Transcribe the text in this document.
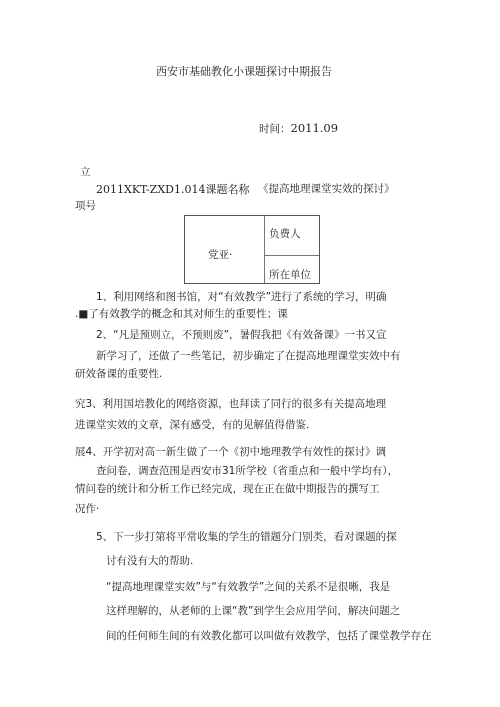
西安市基础教化小课题探讨中期报告
时间：2011.09
立
2011XKT-ZXD1.014课题名称 《提高地理课堂实效的探讨》
项号
负费人
党亚·
所在单位
1、利用网络和图书馆，对“有效教学”进行了系统的学习，明确
.■了有效教学的概念和其对师生的重要性；课
2、“凡是预则立，不预则废”，暑假我把《有效备课》一书又宣
新学习了，还做了一些笔记，初步确定了在提高地理课堂实效中有
研效备课的重要性.
究3、利用国培教化的网络资源，也拜读了同行的很多有关提高地理
进课堂实效的文章，深有感受，有的见解值得借鉴.
展4、开学初对高一新生做了一个《初中地理教学有效性的探讨》调
查问卷，调查范围是西安市31所学校（省重点和一般中学均有），
情问卷的统计和分析工作已经完成，现在正在做中期报告的撰写工
况作·
5、下一步打第将平常收集的学生的错题分门别类，看对课题的探
讨有没有大的帮助.
“提高地理课堂实效”与“有效教学”之间的关系不是很晰，我是
这样理解的，从老师的上课“教”到学生会应用学问，解决问题之
间的任何师生间的有效教化都可以叫做有效教学，包括了课堂教学存在
